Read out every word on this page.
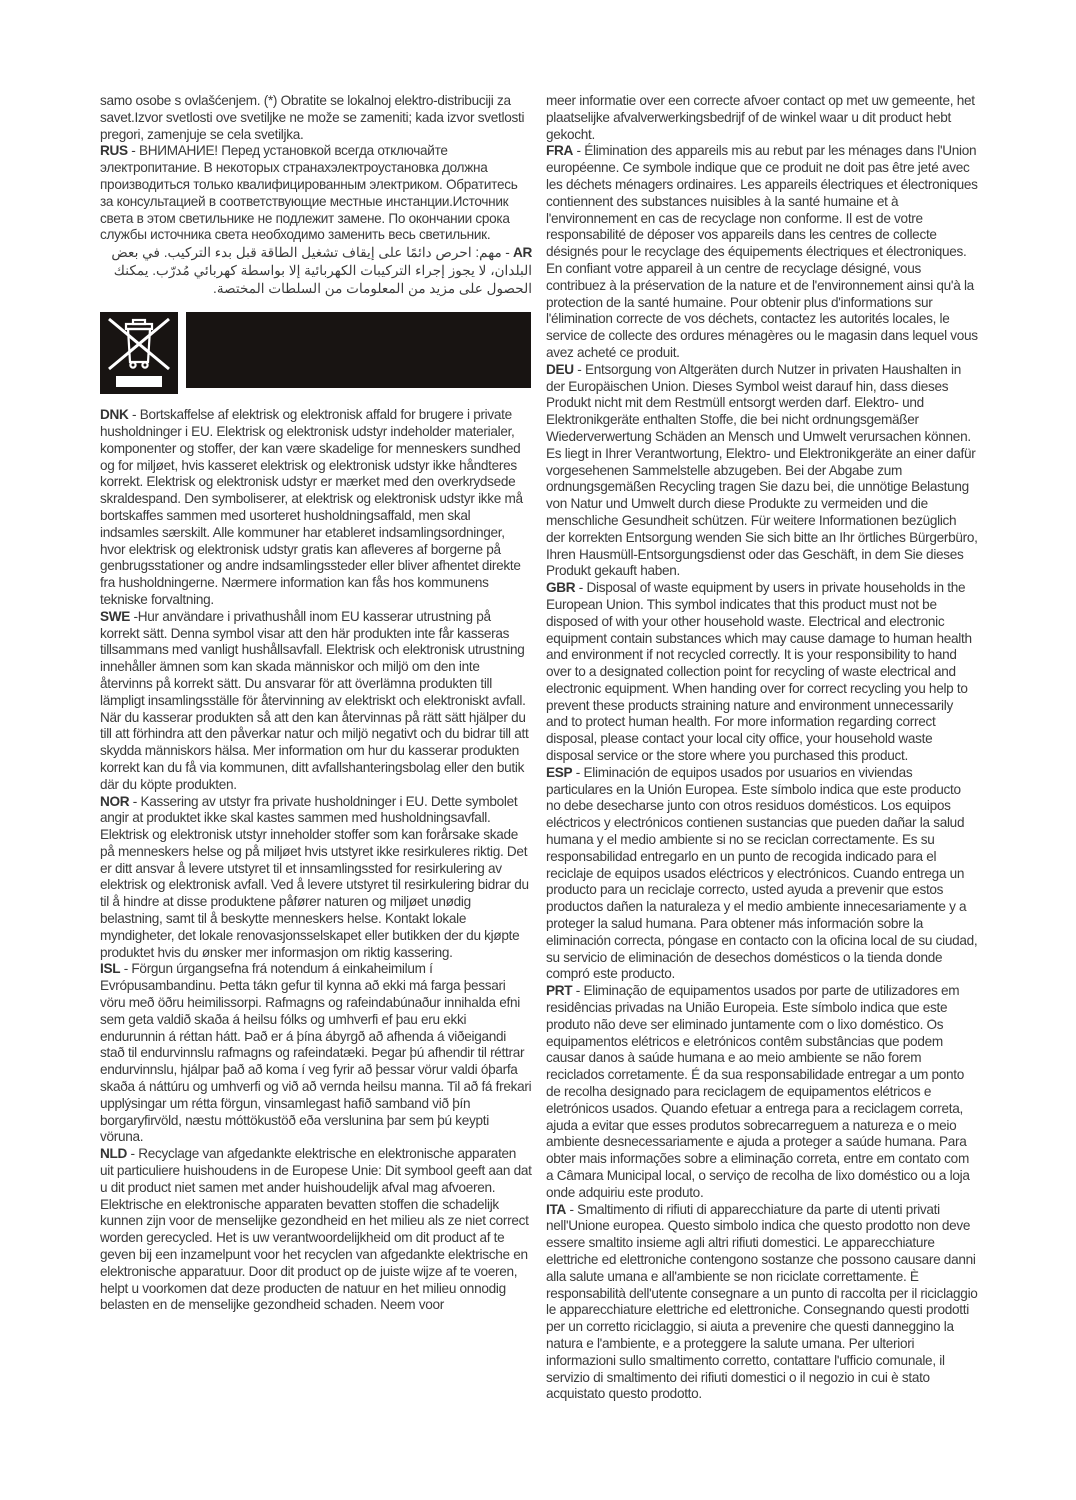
samo osobe s ovlašćenjem. (*) Obratite se lokalnoj elektro-distribuciji za savet.Izvor svetlosti ove svetiljke ne može se zameniti; kada izvor svetlosti pregori, zamenjuje se cela svetiljka.

RUS - ВНИМАНИЕ! Перед установкой всегда отключайте электропитание. В некоторых странахэлектроустановка должна производиться только квалифицированным электриком. Обратитесь за консультацией в соответствующие местные инстанции.Источник света в этом светильнике не подлежит замене. По окончании срока службы источника света необходимо заменить весь светильник.

AR - مهم: احرص دائمًا على إيقاف تشغيل الطاقة قبل بدء التركيب. في بعض البلدان، لا يجوز إجراء التركيبات الكهربائية إلا بواسطة كهربائي مُدرّب. يمكنك الحصول على مزيد من المعلومات من السلطات المختصة.

DNK - Bortskaffelse af elektrisk og elektronisk affald for brugere i private husholdninger i EU. Elektrisk og elektronisk udstyr indeholder materialer, komponenter og stoffer, der kan være skadelige for menneskers sundhed og for miljøet, hvis kasseret elektrisk og elektronisk udstyr ikke håndteres korrekt. Elektrisk og elektronisk udstyr er mærket med den overkrydsede skraldespand. Den symboliserer, at elektrisk og elektronisk udstyr ikke må bortskaffes sammen med usorteret husholdningsaffald, men skal indsamles særskilt. Alle kommuner har etableret indsamlingsordninger, hvor elektrisk og elektronisk udstyr gratis kan afleveres af borgerne på genbrugsstationer og andre indsamlingssteder eller bliver afhentet direkte fra husholdningerne. Nærmere information kan fås hos kommunens tekniske forvaltning.

SWE -Hur användare i privathushåll inom EU kasserar utrustning på korrekt sätt. Denna symbol visar att den här produkten inte får kasseras tillsammans med vanligt hushållsavfall. Elektrisk och elektronisk utrustning innehåller ämnen som kan skada människor och miljö om den inte återvinns på korrekt sätt. Du ansvarar för att överlämna produkten till lämpligt insamlingsställe för återvinning av elektriskt och elektroniskt avfall. När du kasserar produkten så att den kan återvinnas på rätt sätt hjälper du till att förhindra att den påverkar natur och miljö negativt och du bidrar till att skydda människors hälsa. Mer information om hur du kasserar produkten korrekt kan du få via kommunen, ditt avfallshanteringsbolag eller den butik där du köpte produkten.

NOR - Kassering av utstyr fra private husholdninger i EU. Dette symbolet angir at produktet ikke skal kastes sammen med husholdningsavfall. Elektrisk og elektronisk utstyr inneholder stoffer som kan forårsake skade på menneskers helse og på miljøet hvis utstyret ikke resirkuleres riktig. Det er ditt ansvar å levere utstyret til et innsamlingssted for resirkulering av elektrisk og elektronisk avfall. Ved å levere utstyret til resirkulering bidrar du til å hindre at disse produktene påfører naturen og miljøet unødig belastning, samt til å beskytte menneskers helse. Kontakt lokale myndigheter, det lokale renovasjonsselskapet eller butikken der du kjøpte produktet hvis du ønsker mer informasjon om riktig kassering.

ISL - Förgun úrgangsefna frá notendum á einkaheimilum í Evrópusambandinu. Þetta tákn gefur til kynna að ekki má farga þessari vöru með öðru heimilissorpi. Rafmagns og rafeindabúnaður innihalda efni sem geta valdið skaða á heilsu fólks og umhverfi ef þau eru ekki endurunnin á réttan hátt. Það er á þína ábyrgð að afhenda á viðeigandi stað til endurvinnslu rafmagns og rafeindatæki. Þegar þú afhendir til réttrar endurvinnslu, hjálpar það að koma í veg fyrir að þessar vörur valdi óþarfa skaða á náttúru og umhverfi og við að vernda heilsu manna. Til að fá frekari upplýsingar um rétta förgun, vinsamlegast hafið samband við þín borgaryfirvöld, næstu móttökustöð eða verslunina þar sem þú keypti vöruna.

NLD - Recyclage van afgedankte elektrische en elektronische apparaten uit particuliere huishoudens in de Europese Unie: Dit symbool geeft aan dat u dit product niet samen met ander huishoudelijk afval mag afvoeren. Elektrische en elektronische apparaten bevatten stoffen die schadelijk kunnen zijn voor de menselijke gezondheid en het milieu als ze niet correct worden gerecycled. Het is uw verantwoordelijkheid om dit product af te geven bij een inzamelpunt voor het recyclen van afgedankte elektrische en elektronische apparatuur. Door dit product op de juiste wijze af te voeren, helpt u voorkomen dat deze producten de natuur en het milieu onnodig belasten en de menselijke gezondheid schaden. Neem voor

meer informatie over een correcte afvoer contact op met uw gemeente, het plaatselijke afvalverwerkingsbedrijf of de winkel waar u dit product hebt gekocht.

FRA - Élimination des appareils mis au rebut par les ménages dans l'Union européenne. Ce symbole indique que ce produit ne doit pas être jeté avec les déchets ménagers ordinaires. Les appareils électriques et électroniques contiennent des substances nuisibles à la santé humaine et à l'environnement en cas de recyclage non conforme. Il est de votre responsabilité de déposer vos appareils dans les centres de collecte désignés pour le recyclage des équipements électriques et électroniques. En confiant votre appareil à un centre de recyclage désigné, vous contribuez à la préservation de la nature et de l'environnement ainsi qu'à la protection de la santé humaine. Pour obtenir plus d'informations sur l'élimination correcte de vos déchets, contactez les autorités locales, le service de collecte des ordures ménagères ou le magasin dans lequel vous avez acheté ce produit.

DEU - Entsorgung von Altgeräten durch Nutzer in privaten Haushalten in der Europäischen Union. Dieses Symbol weist darauf hin, dass dieses Produkt nicht mit dem Restmüll entsorgt werden darf. Elektro- und Elektronikgeräte enthalten Stoffe, die bei nicht ordnungsgemäßer Wiederverwertung Schäden an Mensch und Umwelt verursachen können. Es liegt in Ihrer Verantwortung, Elektro- und Elektronikgeräte an einer dafür vorgesehenen Sammelstelle abzugeben. Bei der Abgabe zum ordnungsgemäßen Recycling tragen Sie dazu bei, die unnötige Belastung von Natur und Umwelt durch diese Produkte zu vermeiden und die menschliche Gesundheit schützen. Für weitere Informationen bezüglich der korrekten Entsorgung wenden Sie sich bitte an Ihr örtliches Bürgerbüro, Ihren Hausmüll-Entsorgungsdienst oder das Geschäft, in dem Sie dieses Produkt gekauft haben.

GBR - Disposal of waste equipment by users in private households in the European Union. This symbol indicates that this product must not be disposed of with your other household waste. Electrical and electronic equipment contain substances which may cause damage to human health and environment if not recycled correctly. It is your responsibility to hand over to a designated collection point for recycling of waste electrical and electronic equipment. When handing over for correct recycling you help to prevent these products straining nature and environment unnecessarily and to protect human health. For more information regarding correct disposal, please contact your local city office, your household waste disposal service or the store where you purchased this product.

ESP - Eliminación de equipos usados por usuarios en viviendas particulares en la Unión Europea. Este símbolo indica que este producto no debe desecharse junto con otros residuos domésticos. Los equipos eléctricos y electrónicos contienen sustancias que pueden dañar la salud humana y el medio ambiente si no se reciclan correctamente. Es su responsabilidad entregarlo en un punto de recogida indicado para el reciclaje de equipos usados eléctricos y electrónicos. Cuando entrega un producto para un reciclaje correcto, usted ayuda a prevenir que estos productos dañen la naturaleza y el medio ambiente innecesariamente y a proteger la salud humana. Para obtener más información sobre la eliminación correcta, póngase en contacto con la oficina local de su ciudad, su servicio de eliminación de desechos domésticos o la tienda donde compró este producto.

PRT - Eliminação de equipamentos usados por parte de utilizadores em residências privadas na União Europeia. Este símbolo indica que este produto não deve ser eliminado juntamente com o lixo doméstico. Os equipamentos elétricos e eletrónicos contêm substâncias que podem causar danos à saúde humana e ao meio ambiente se não forem reciclados corretamente. É da sua responsabilidade entregar a um ponto de recolha designado para reciclagem de equipamentos elétricos e eletrónicos usados. Quando efetuar a entrega para a reciclagem correta, ajuda a evitar que esses produtos sobrecarreguem a natureza e o meio ambiente desnecessariamente e ajuda a proteger a saúde humana. Para obter mais informações sobre a eliminação correta, entre em contato com a Câmara Municipal local, o serviço de recolha de lixo doméstico ou a loja onde adquiriu este produto.

ITA - Smaltimento di rifiuti di apparecchiature da parte di utenti privati nell'Unione europea. Questo simbolo indica che questo prodotto non deve essere smaltito insieme agli altri rifiuti domestici. Le apparecchiature elettriche ed elettroniche contengono sostanze che possono causare danni alla salute umana e all'ambiente se non riciclate correttamente. È responsabilità dell'utente consegnare a un punto di raccolta per il riciclaggio le apparecchiature elettriche ed elettroniche. Consegnando questi prodotti per un corretto riciclaggio, si aiuta a prevenire che questi danneggino la natura e l'ambiente, e a proteggere la salute umana. Per ulteriori informazioni sullo smaltimento corretto, contattare l'ufficio comunale, il servizio di smaltimento dei rifiuti domestici o il negozio in cui è stato acquistato questo prodotto.
